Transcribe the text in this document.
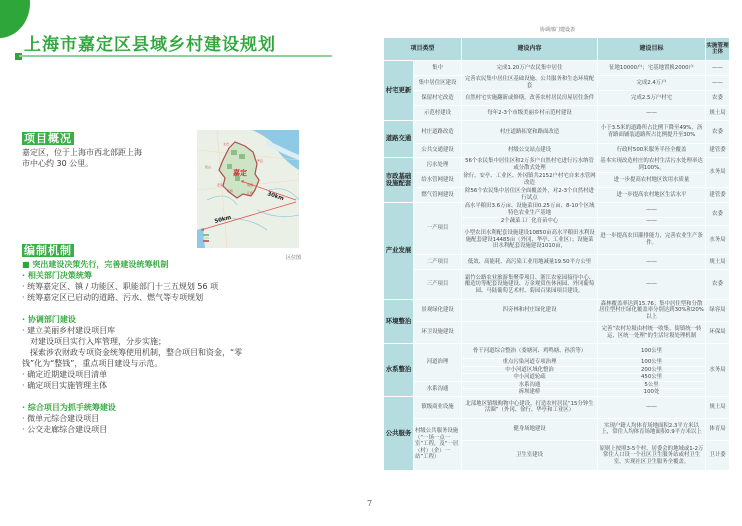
上海市嘉定区县域乡村建设规划
项目概况
嘉定区，位于上海市西北部距上海
市中心约 30 公里。
嘉定
30km
50km
太仓
昆山
罗店
安亭	南翔
江桥
花桥
区位图
编制机制
■ 突出建设决策先行，完善建设统筹机制
· 相关部门决策统筹
· 统筹嘉定区、镇 / 功能区、职能部门十三五规划 56 项
· 统筹嘉定区已启动的道路、污水、燃气等专项规划
· 协调部门建设
· 建立美丽乡村建设项目库
　对建设项目实行入库管理，分步实施；
　探索涉农财政专项资金统筹使用机制，整合项目和资金，“零
钱”化为“整钱”，重点项目建设与示范。
· 确定近期建设项目清单
· 确定项目实施管理主体
· 综合项目为抓手统筹建设
· 微单元综合建设项目
· 公交走廊综合建设项目
协调部门建设表
项目类型		建设内容	建设目标	实施管理主体
村宅更新	集中	完成1.20万户农民集中居住	征地10000户；宅基地置换2000户	——
	集中居住区建设	完善农民集中居住区基础设施、公共服务和生态环境配套	完成2.4万户	——
	保留村宅改造	自然村宅实施翻新或修缮，改善农村居民房屋居住条件	完成2.5万户村宅	农委
	示范村建设	每年2-3个市级美丽乡村示范村建设	——	规土局
道路交通	村庄道路改造	村庄道路拓宽和路面改造	小于3.5米的道路所占比例下降至49%，沥青路面铺装道路所占比例提升至30%	农委
	公共交通建设	村级公交站点建设	行政村500米服务半径全覆盖	建管委
市政基础设施配套	污水处理	56个农民集中居住区和2万多户自然村宅进行污水纳管或分散式处理	基本实现改造村庄的农村生活污水处理率达到100%。	水务局
	给水管网建设	徐行、安亭、工业区、外冈镇共2152户村宅自来水管网改造	进一步提高农村地区饮用水质量	
	燃气管网建设	除56个农民集中居住区全面覆盖外，对2-3个自然村进行试点	进一步提高农村地区生活水平	建管委
产业发展	一产项目	高水平粮田3.6万亩、设施菜田0.25万亩、8-10个区域特色农业生产基地	——	农委
		2个蔬菜工厂化育苗中心	——	
		小型农田水利配套设施建设10850亩高水平粮田水利设施配套建设14485亩（外冈、华亭、工业区）；设施菜田水利配套设施建设1010亩，	进一步提高农田灌排能力，完善农业生产条件。	水务局
	二产项目	低效、高能耗、高污染工业用地减量19.50平方公里	——	规土局
	三产项目	霜竹公路农业旅游集聚带项目、浙江农家园接待中心、酿造坊等配套设施建设、万金观赏鱼休闲园、外冈葡萄园、马陆葡萄艺术村、菊园百果园项目建设。	——	农委
环境整治	景观绿化建设	四旁林和村庄绿化建设	森林覆盖率达到15.76；集中居住型和分散居住型村庄绿化覆盖率分别达到30%和20%以上	绿容局
	环卫设施建设		完善“农村垃圾由村统一收集、街镇统一转运、区统一处理”的生活垃圾处理机制	环保局
水系整治	河道治理	骨干河道综合整治（娄塘河、鸡鸣塘、孙浜等）	100公里	水务局
		重点污染河道专项治理	100公里	
		中小河道区域化整治	200公里	
		中小河道轮疏	450公里	
	水系沟通	水系沟通	5公里	
		拆坝建桥	100处	
公共服务	镇级商业设施	北部地区镇级购物中心建设，打造农村居民“15分钟生活圈”（外冈、徐行、华亭和工业区）	——	规土局
	村级公共服务设施（“一场一点一室”工程，及“一居（村）（企）一站”工程）	健身场地建设	实现户籍人均体育场地面积2.3平方米以上，常住人均体育场地面积0.9平方米以上	体育局
		卫生室建设	原则上按照3-5个村、居委会的地域或1-2万常住人口设一个社区卫生服务站或村卫生室，实现社区卫生服务全覆盖。	卫计委
7
